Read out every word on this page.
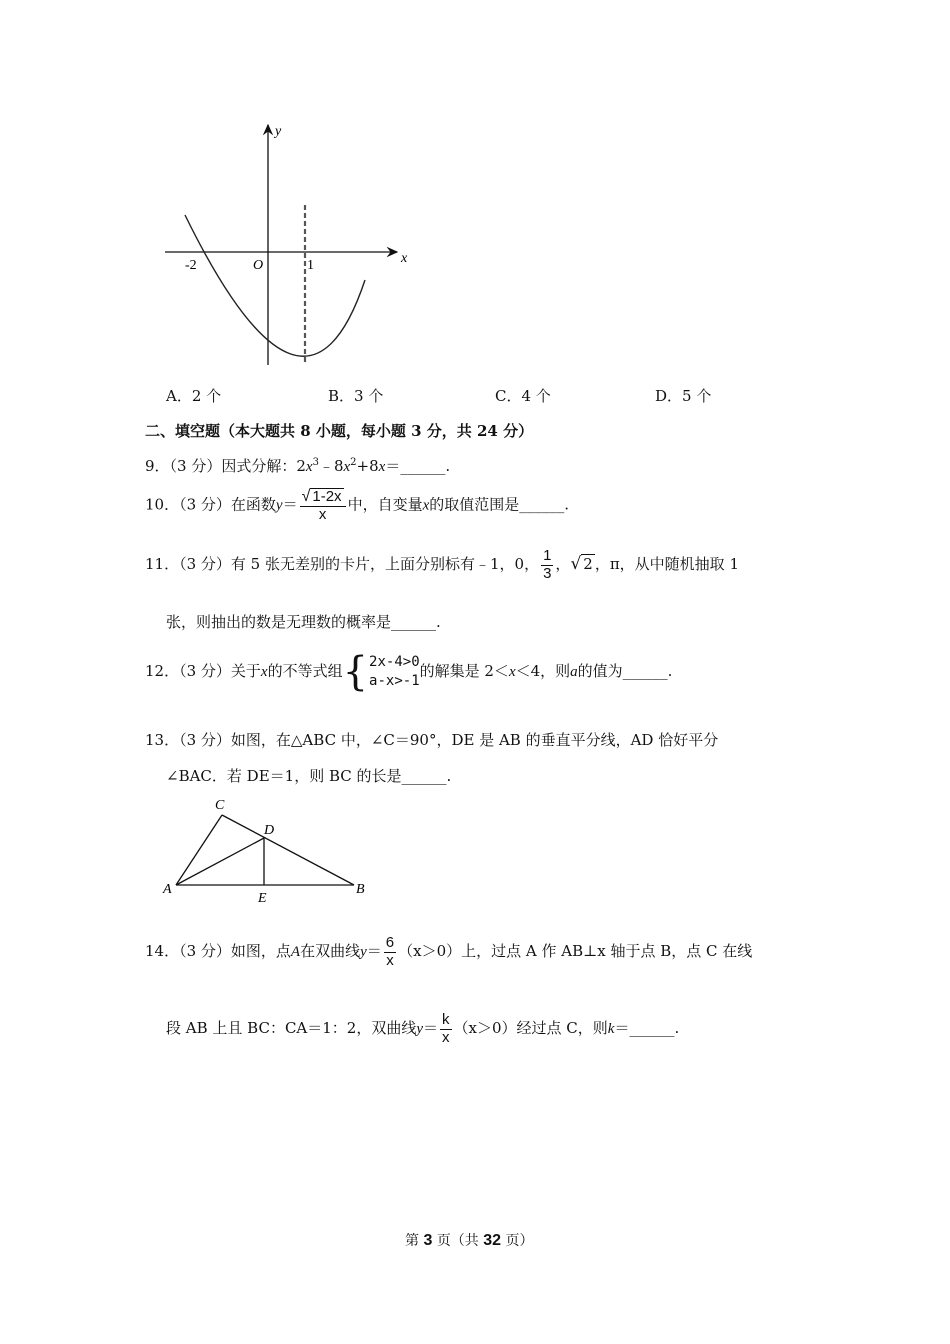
y
x
O
-2	1
A．2 个	B．3 个	C．4 个	D．5 个
二、填空题（本大题共 8 小题，每小题 3 分，共 24 分）
9．（3 分）因式分解：$2x^3﹣8x^2+8x=\_\_\_\_\_\_$.
10．（3 分）在函数$y= \frac{√ 1-2x}{x}$ 中，自变量x的取值范围是______.
11．（3 分）有 5 张无差别的卡片，上面分别标有﹣1，0， $\frac{1}{3}$ ，√ 2 ，π，从中随机抽取 1
张，则抽出的数是无理数的概率是______.
12．（3 分）关于x的不等式组{ 2x-4>0
a-x>-1
的解集是 2＜x＜4，则a的值为______.
13．（3 分）如图，在△ABC 中，∠C＝90°，DE 是 AB 的垂直平分线，AD 恰好平分
∠BAC．若 DE＝1，则 BC 的长是______.
C
D
A
E
B
14．（3 分）如图，点A在双曲线$y= \frac{6}{x} (x>0)$上，过点 A 作 AB⊥x 轴于点 B，点 C 在线
段 AB 上且 BC：CA＝1：2，双曲线$y= \frac{k}{x} (x>0)$经过点 C，则k＝______.
第 3 页（共 32 页）
